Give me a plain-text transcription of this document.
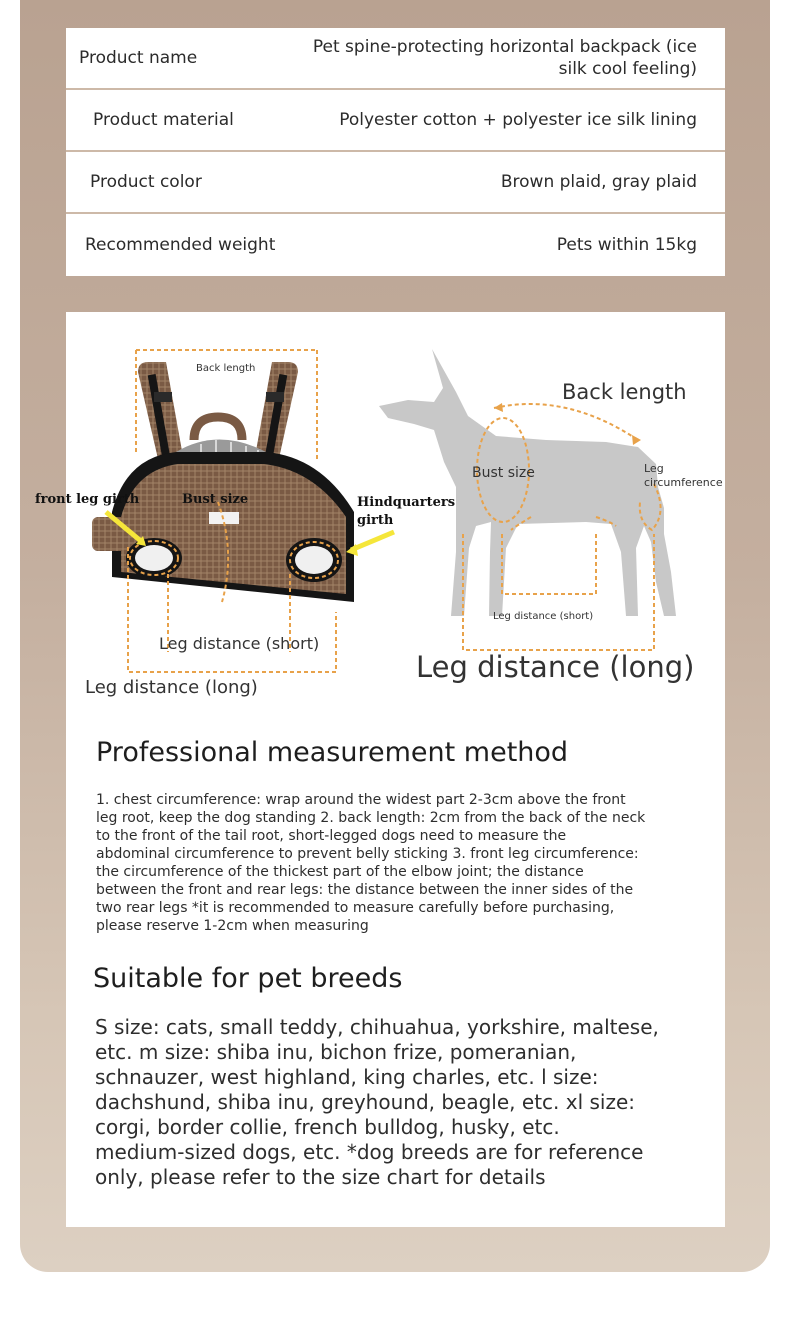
Product name
Pet spine-protecting horizontal backpack (ice
silk cool feeling)
Product material	Polyester cotton + polyester ice silk lining
Product color	Brown plaid, gray plaid
Recommended weight	Pets within 15kg
Back length
front leg girth	Bust size	Hindquarters
girth
Leg distance (short)
Leg distance (long)
Back length
Bust size	Leg
circumference
Leg distance (short)
Leg distance (long)
Professional measurement method
1. chest circumference: wrap around the widest part 2-3cm above the front
leg root, keep the dog standing 2. back length: 2cm from the back of the neck
to the front of the tail root, short-legged dogs need to measure the
abdominal circumference to prevent belly sticking 3. front leg circumference:
the circumference of the thickest part of the elbow joint; the distance
between the front and rear legs: the distance between the inner sides of the
two rear legs *it is recommended to measure carefully before purchasing,
please reserve 1-2cm when measuring
Suitable for pet breeds
S size: cats, small teddy, chihuahua, yorkshire, maltese,
etc. m size: shiba inu, bichon frize, pomeranian,
schnauzer, west highland, king charles, etc. l size:
dachshund, shiba inu, greyhound, beagle, etc. xl size:
corgi, border collie, french bulldog, husky, etc.
medium-sized dogs, etc. *dog breeds are for reference
only, please refer to the size chart for details
